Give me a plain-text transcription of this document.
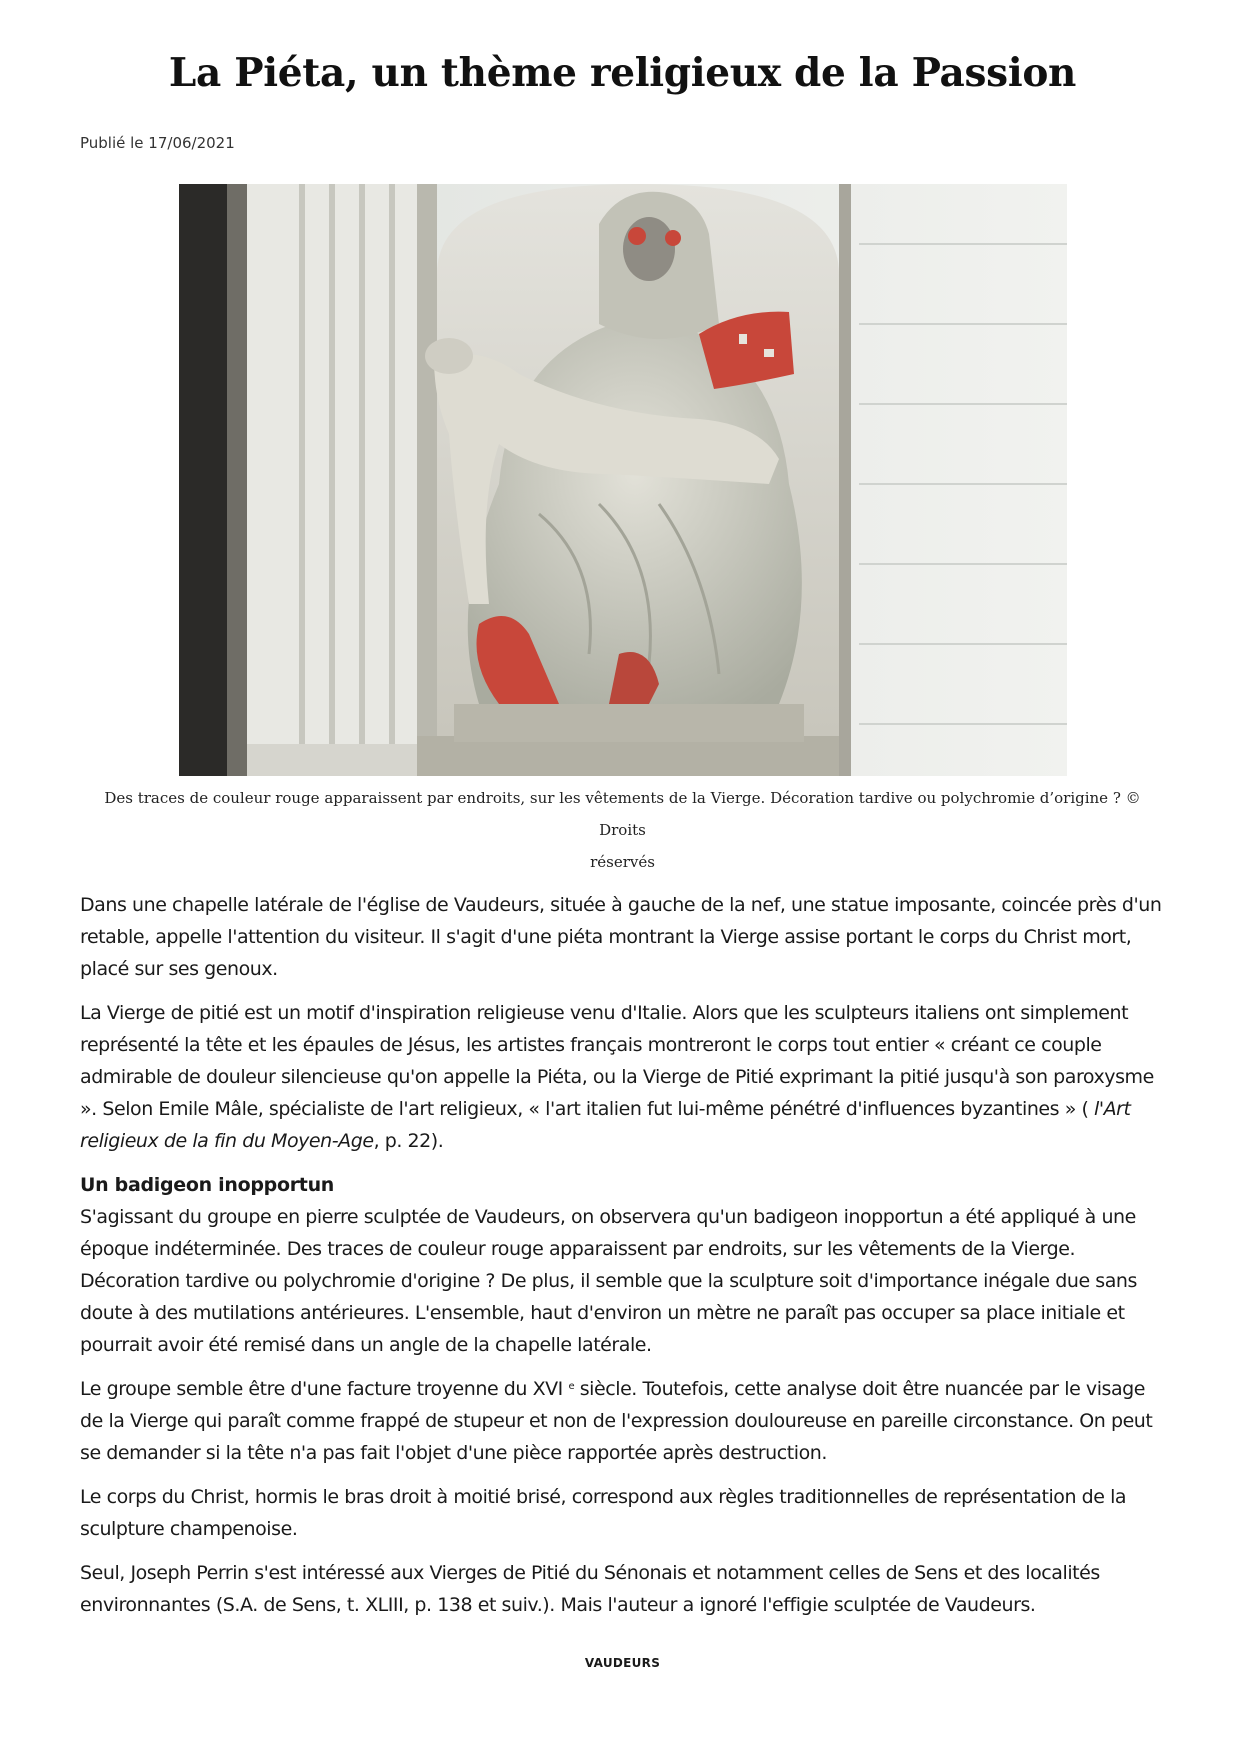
La Piéta, un thème religieux de la Passion
Publié le 17/06/2021
Des traces de couleur rouge apparaissent par endroits, sur les vêtements de la Vierge. Décoration tardive ou polychromie d’origine ? © Droits
réservés

Dans une chapelle latérale de l'église de Vaudeurs, située à gauche de la nef, une statue imposante, coincée près d'un retable, appelle l'attention du visiteur. Il s'agit d'une piéta montrant la Vierge assise portant le corps du Christ mort, placé sur ses genoux.

La Vierge de pitié est un motif d'inspiration religieuse venu d'Italie. Alors que les sculpteurs italiens ont simplement représenté la tête et les épaules de Jésus, les artistes français montreront le corps tout entier « créant ce couple admirable de douleur silencieuse qu'on appelle la Piéta, ou la Vierge de Pitié exprimant la pitié jusqu'à son paroxysme ». Selon Emile Mâle, spécialiste de l'art religieux, « l'art italien fut lui-même pénétré d'influences byzantines » ( l'Art religieux de la fin du Moyen-Age, p. 22).

Un badigeon inopportun

S'agissant du groupe en pierre sculptée de Vaudeurs, on observera qu'un badigeon inopportun a été appliqué à une époque indéterminée. Des traces de couleur rouge apparaissent par endroits, sur les vêtements de la Vierge. Décoration tardive ou polychromie d'origine ? De plus, il semble que la sculpture soit d'importance inégale due sans doute à des mutilations antérieures. L'ensemble, haut d'environ un mètre ne paraît pas occuper sa place initiale et pourrait avoir été remisé dans un angle de la chapelle latérale.

Le groupe semble être d'une facture troyenne du XVI $^e$ siècle. Toutefois, cette analyse doit être nuancée par le visage de la Vierge qui paraît comme frappé de stupeur et non de l'expression douloureuse en pareille circonstance. On peut se demander si la tête n'a pas fait l'objet d'une pièce rapportée après destruction.

Le corps du Christ, hormis le bras droit à moitié brisé, correspond aux règles traditionnelles de représentation de la sculpture champenoise.

Seul, Joseph Perrin s'est intéressé aux Vierges de Pitié du Sénonais et notamment celles de Sens et des localités environnantes (S.A. de Sens, t. XLIII, p. 138 et suiv.). Mais l'auteur a ignoré l'effigie sculptée de Vaudeurs.

VAUDEURS
